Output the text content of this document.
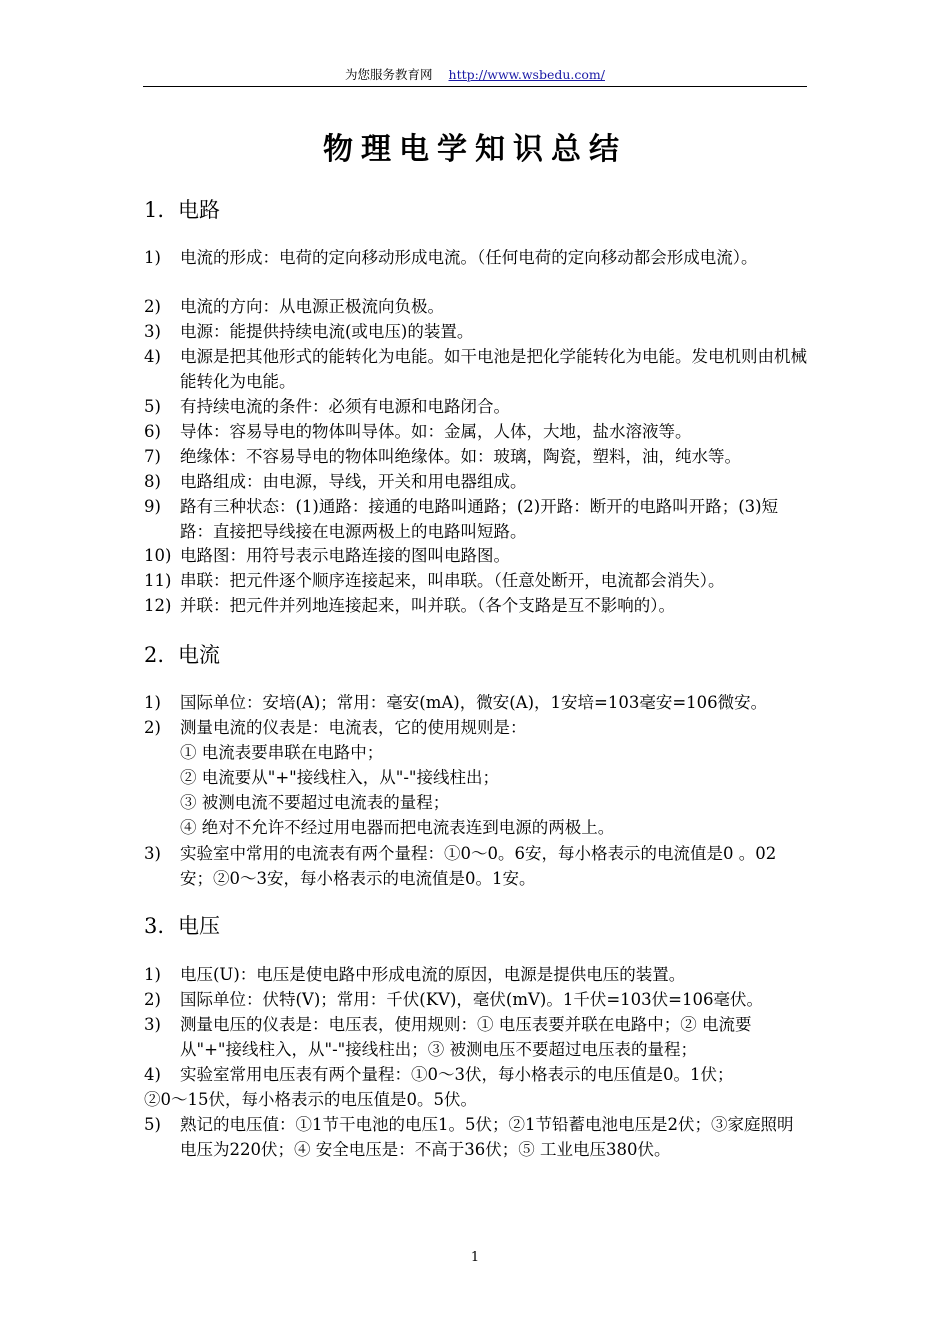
为您服务教育网 http://www.wsbedu.com/
物理电学知识总结
1. 电路
1) 电流的形成：电荷的定向移动形成电流。（任何电荷的定向移动都会形成电流）。
2) 电流的方向：从电源正极流向负极。
3) 电源：能提供持续电流(或电压)的装置。
4) 电源是把其他形式的能转化为电能。如干电池是把化学能转化为电能。发电机则由机械能转化为电能。
5) 有持续电流的条件：必须有电源和电路闭合。
6) 导体：容易导电的物体叫导体。如：金属，人体，大地，盐水溶液等。
7) 绝缘体：不容易导电的物体叫绝缘体。如：玻璃，陶瓷，塑料，油，纯水等。
8) 电路组成：由电源，导线，开关和用电器组成。
9) 路有三种状态：(1)通路：接通的电路叫通路；(2)开路：断开的电路叫开路；(3)短路：直接把导线接在电源两极上的电路叫短路。
10) 电路图：用符号表示电路连接的图叫电路图。
11) 串联：把元件逐个顺序连接起来，叫串联。（任意处断开，电流都会消失）。
12) 并联：把元件并列地连接起来，叫并联。（各个支路是互不影响的）。
2. 电流
1) 国际单位：安培(A)；常用：毫安(mA)，微安(A)，1安培=103毫安=106微安。
2) 测量电流的仪表是：电流表，它的使用规则是：
① 电流表要串联在电路中；
② 电流要从"+"接线柱入，从"-"接线柱出；
③ 被测电流不要超过电流表的量程；
④ 绝对不允许不经过用电器而把电流表连到电源的两极上。
3) 实验室中常用的电流表有两个量程：①0～0。6安，每小格表示的电流值是0 。02安；②0～3安，每小格表示的电流值是0。1安。
3. 电压
1) 电压(U)：电压是使电路中形成电流的原因，电源是提供电压的装置。
2) 国际单位：伏特(V)；常用：千伏(KV)，毫伏(mV)。1千伏=103伏=106毫伏。
3) 测量电压的仪表是：电压表，使用规则：① 电压表要并联在电路中；② 电流要从"+"接线柱入，从"-"接线柱出；③ 被测电压不要超过电压表的量程；
4) 实验室常用电压表有两个量程：①0～3伏，每小格表示的电压值是0。1伏；
②0～15伏，每小格表示的电压值是0。5伏。
5) 熟记的电压值：①1节干电池的电压1。5伏；②1节铅蓄电池电压是2伏；③家庭照明电压为220伏；④ 安全电压是：不高于36伏；⑤ 工业电压380伏。
1
